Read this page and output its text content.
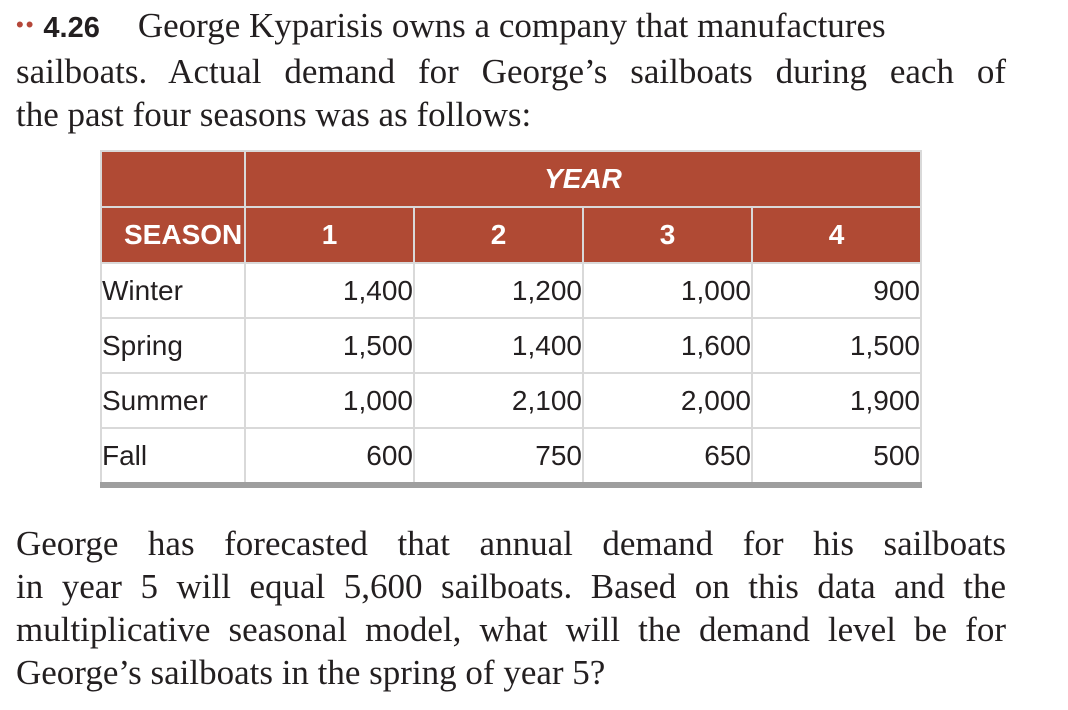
•• 4.26 George Kyparisis owns a company that manufactures
sailboats. Actual demand for George’s sailboats during each of
the past four seasons was as follows:
	YEAR			
SEASON	1	2	3	4
Winter	1,400	1,200	1,000	900
Spring	1,500	1,400	1,600	1,500
Summer	1,000	2,100	2,000	1,900
Fall	600	750	650	500
George has forecasted that annual demand for his sailboats
in year 5 will equal 5,600 sailboats. Based on this data and the
multiplicative seasonal model, what will the demand level be for
George’s sailboats in the spring of year 5?
